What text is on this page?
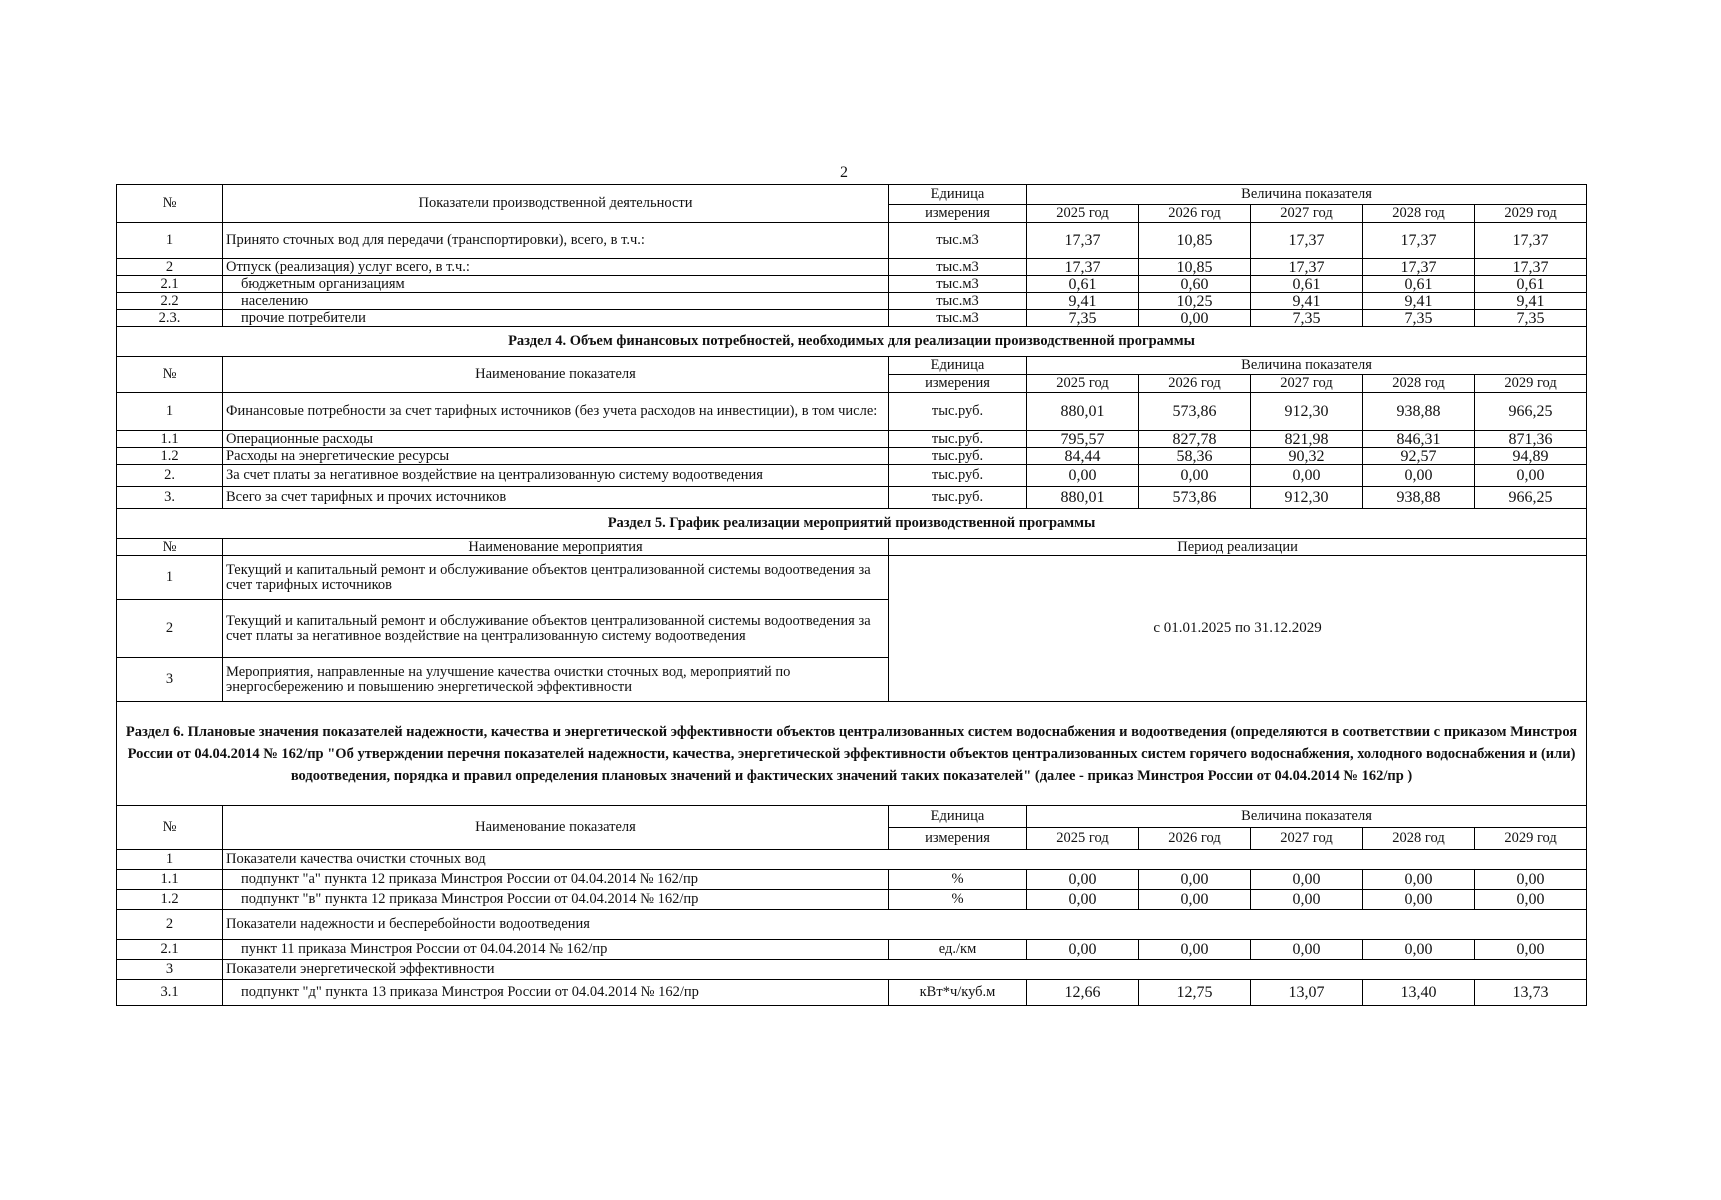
2
№	Показатели производственной деятельности	Единица	Величина показателя				
		измерения	2025 год	2026 год	2027 год	2028 год	2029 год
1	Принято сточных вод для передачи (транспортировки), всего, в т.ч.:	тыс.м3	17,37	10,85	17,37	17,37	17,37
2	Отпуск (реализация) услуг всего, в т.ч.:	тыс.м3	17,37	10,85	17,37	17,37	17,37
2.1	бюджетным организациям	тыс.м3	0,61	0,60	0,61	0,61	0,61
2.2	населению	тыс.м3	9,41	10,25	9,41	9,41	9,41
2.3.	прочие потребители	тыс.м3	7,35	0,00	7,35	7,35	7,35
Раздел 4. Объем финансовых потребностей, необходимых для реализации производственной программы							
№	Наименование показателя	Единица	Величина показателя				
		измерения	2025 год	2026 год	2027 год	2028 год	2029 год
1	Финансовые потребности за счет тарифных источников (без учета расходов на инвестиции), в том числе:	тыс.руб.	880,01	573,86	912,30	938,88	966,25
1.1	Операционные расходы	тыс.руб.	795,57	827,78	821,98	846,31	871,36
1.2	Расходы на энергетические ресурсы	тыс.руб.	84,44	58,36	90,32	92,57	94,89
2.	За счет платы за негативное воздействие на централизованную систему водоотведения	тыс.руб.	0,00	0,00	0,00	0,00	0,00
3.	Всего за счет тарифных и прочих источников	тыс.руб.	880,01	573,86	912,30	938,88	966,25
Раздел 5. График реализации мероприятий производственной программы							
№	Наименование мероприятия	Период реализации					
1	Текущий и капитальный ремонт и обслуживание объектов централизованной системы водоотведения за счет тарифных источников	с 01.01.2025 по 31.12.2029					
2	Текущий и капитальный ремонт и обслуживание объектов централизованной системы водоотведения за счет платы за негативное воздействие на централизованную систему водоотведения						
3	Мероприятия, направленные на улучшение качества очистки сточных вод, мероприятий по энергосбережению и повышению энергетической эффективности						
Раздел 6. Плановые значения показателей надежности, качества и энергетической эффективности объектов централизованных систем водоснабжения и водоотведения (определяются в соответствии с приказом Минстроя России от 04.04.2014 № 162/пр "Об утверждении перечня показателей надежности, качества, энергетической эффективности объектов централизованных систем горячего водоснабжения, холодного водоснабжения и (или) водоотведения, порядка и правил определения плановых значений и фактических значений таких показателей" (далее - приказ Минстроя России от 04.04.2014 № 162/пр )							
№	Наименование показателя	Единица	Величина показателя				
		измерения	2025 год	2026 год	2027 год	2028 год	2029 год
1	Показатели качества очистки сточных вод						
1.1	подпункт "а" пункта 12 приказа Минстроя России от 04.04.2014 № 162/пр	%	0,00	0,00	0,00	0,00	0,00
1.2	подпункт "в" пункта 12 приказа Минстроя России от 04.04.2014 № 162/пр	%	0,00	0,00	0,00	0,00	0,00
2	Показатели надежности и бесперебойности водоотведения						
2.1	пункт 11 приказа Минстроя России от 04.04.2014 № 162/пр	ед./км	0,00	0,00	0,00	0,00	0,00
3	Показатели энергетической эффективности						
3.1	подпункт "д" пункта 13 приказа Минстроя России от 04.04.2014 № 162/пр	кВт*ч/куб.м	12,66	12,75	13,07	13,40	13,73
